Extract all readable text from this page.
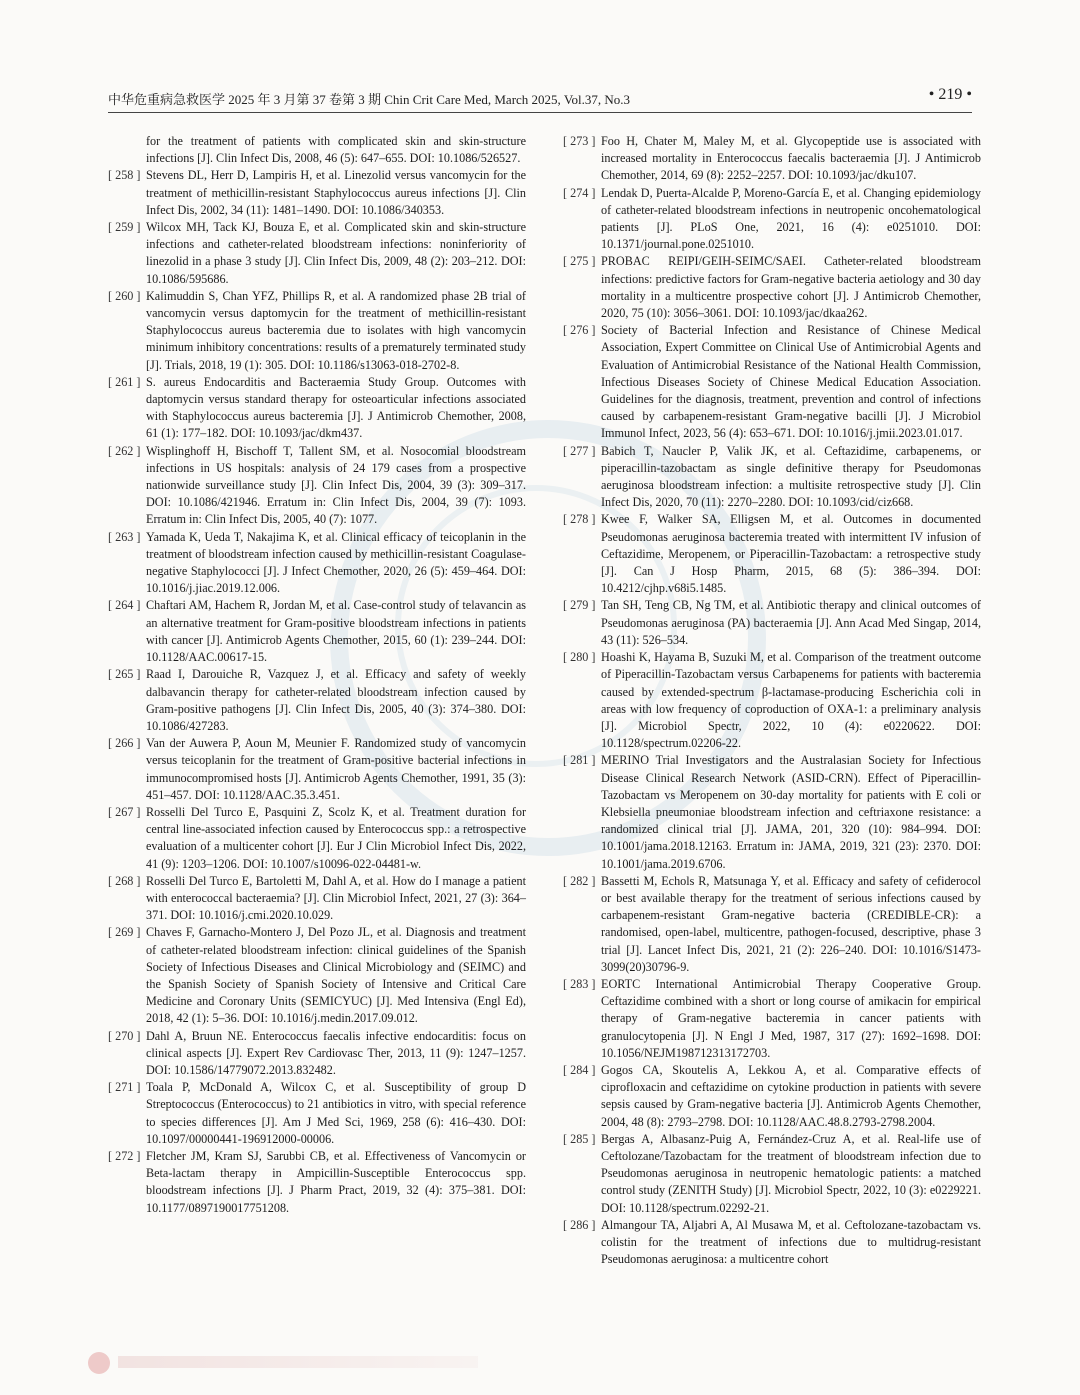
中华危重病急救医学 2025 年 3 月第 37 卷第 3 期 Chin Crit Care Med, March 2025, Vol.37, No.3	• 219 •

for the treatment of patients with complicated skin and skin-structure infections [J]. Clin Infect Dis, 2008, 46 (5): 647–655. DOI: 10.1086/526527.

[ 258 ] Stevens DL, Herr D, Lampiris H, et al. Linezolid versus vancomycin for the treatment of methicillin-resistant Staphylococcus aureus infections [J]. Clin Infect Dis, 2002, 34 (11): 1481–1490. DOI: 10.1086/340353.

[ 259 ] Wilcox MH, Tack KJ, Bouza E, et al. Complicated skin and skin-structure infections and catheter-related bloodstream infections: noninferiority of linezolid in a phase 3 study [J]. Clin Infect Dis, 2009, 48 (2): 203–212. DOI: 10.1086/595686.

[ 260 ] Kalimuddin S, Chan YFZ, Phillips R, et al. A randomized phase 2B trial of vancomycin versus daptomycin for the treatment of methicillin-resistant Staphylococcus aureus bacteremia due to isolates with high vancomycin minimum inhibitory concentrations: results of a prematurely terminated study [J]. Trials, 2018, 19 (1): 305. DOI: 10.1186/s13063-018-2702-8.

[ 261 ] S. aureus Endocarditis and Bacteraemia Study Group. Outcomes with daptomycin versus standard therapy for osteoarticular infections associated with Staphylococcus aureus bacteremia [J]. J Antimicrob Chemother, 2008, 61 (1): 177–182. DOI: 10.1093/jac/dkm437.

[ 262 ] Wisplinghoff H, Bischoff T, Tallent SM, et al. Nosocomial bloodstream infections in US hospitals: analysis of 24 179 cases from a prospective nationwide surveillance study [J]. Clin Infect Dis, 2004, 39 (3): 309–317. DOI: 10.1086/421946. Erratum in: Clin Infect Dis, 2004, 39 (7): 1093. Erratum in: Clin Infect Dis, 2005, 40 (7): 1077.

[ 263 ] Yamada K, Ueda T, Nakajima K, et al. Clinical efficacy of teicoplanin in the treatment of bloodstream infection caused by methicillin-resistant Coagulase-negative Staphylococci [J]. J Infect Chemother, 2020, 26 (5): 459–464. DOI: 10.1016/j.jiac.2019.12.006.

[ 264 ] Chaftari AM, Hachem R, Jordan M, et al. Case-control study of telavancin as an alternative treatment for Gram-positive bloodstream infections in patients with cancer [J]. Antimicrob Agents Chemother, 2015, 60 (1): 239–244. DOI: 10.1128/AAC.00617-15.

[ 265 ] Raad I, Darouiche R, Vazquez J, et al. Efficacy and safety of weekly dalbavancin therapy for catheter-related bloodstream infection caused by Gram-positive pathogens [J]. Clin Infect Dis, 2005, 40 (3): 374–380. DOI: 10.1086/427283.

[ 266 ] Van der Auwera P, Aoun M, Meunier F. Randomized study of vancomycin versus teicoplanin for the treatment of Gram-positive bacterial infections in immunocompromised hosts [J]. Antimicrob Agents Chemother, 1991, 35 (3): 451–457. DOI: 10.1128/AAC.35.3.451.

[ 267 ] Rosselli Del Turco E, Pasquini Z, Scolz K, et al. Treatment duration for central line-associated infection caused by Enterococcus spp.: a retrospective evaluation of a multicenter cohort [J]. Eur J Clin Microbiol Infect Dis, 2022, 41 (9): 1203–1206. DOI: 10.1007/s10096-022-04481-w.

[ 268 ] Rosselli Del Turco E, Bartoletti M, Dahl A, et al. How do I manage a patient with enterococcal bacteraemia? [J]. Clin Microbiol Infect, 2021, 27 (3): 364–371. DOI: 10.1016/j.cmi.2020.10.029.

[ 269 ] Chaves F, Garnacho-Montero J, Del Pozo JL, et al. Diagnosis and treatment of catheter-related bloodstream infection: clinical guidelines of the Spanish Society of Infectious Diseases and Clinical Microbiology and (SEIMC) and the Spanish Society of Spanish Society of Intensive and Critical Care Medicine and Coronary Units (SEMICYUC) [J]. Med Intensiva (Engl Ed), 2018, 42 (1): 5–36. DOI: 10.1016/j.medin.2017.09.012.

[ 270 ] Dahl A, Bruun NE. Enterococcus faecalis infective endocarditis: focus on clinical aspects [J]. Expert Rev Cardiovasc Ther, 2013, 11 (9): 1247–1257. DOI: 10.1586/14779072.2013.832482.

[ 271 ] Toala P, McDonald A, Wilcox C, et al. Susceptibility of group D Streptococcus (Enterococcus) to 21 antibiotics in vitro, with special reference to species differences [J]. Am J Med Sci, 1969, 258 (6): 416–430. DOI: 10.1097/00000441-196912000-00006.

[ 272 ] Fletcher JM, Kram SJ, Sarubbi CB, et al. Effectiveness of Vancomycin or Beta-lactam therapy in Ampicillin-Susceptible Enterococcus spp. bloodstream infections [J]. J Pharm Pract, 2019, 32 (4): 375–381. DOI: 10.1177/0897190017751208.

[ 273 ] Foo H, Chater M, Maley M, et al. Glycopeptide use is associated with increased mortality in Enterococcus faecalis bacteraemia [J]. J Antimicrob Chemother, 2014, 69 (8): 2252–2257. DOI: 10.1093/jac/dku107.

[ 274 ] Lendak D, Puerta-Alcalde P, Moreno-García E, et al. Changing epidemiology of catheter-related bloodstream infections in neutropenic oncohematological patients [J]. PLoS One, 2021, 16 (4): e0251010. DOI: 10.1371/journal.pone.0251010.

[ 275 ] PROBAC REIPI/GEIH-SEIMC/SAEI. Catheter-related bloodstream infections: predictive factors for Gram-negative bacteria aetiology and 30 day mortality in a multicentre prospective cohort [J]. J Antimicrob Chemother, 2020, 75 (10): 3056–3061. DOI: 10.1093/jac/dkaa262.

[ 276 ] Society of Bacterial Infection and Resistance of Chinese Medical Association, Expert Committee on Clinical Use of Antimicrobial Agents and Evaluation of Antimicrobial Resistance of the National Health Commission, Infectious Diseases Society of Chinese Medical Education Association. Guidelines for the diagnosis, treatment, prevention and control of infections caused by carbapenem-resistant Gram-negative bacilli [J]. J Microbiol Immunol Infect, 2023, 56 (4): 653–671. DOI: 10.1016/j.jmii.2023.01.017.

[ 277 ] Babich T, Naucler P, Valik JK, et al. Ceftazidime, carbapenems, or piperacillin-tazobactam as single definitive therapy for Pseudomonas aeruginosa bloodstream infection: a multisite retrospective study [J]. Clin Infect Dis, 2020, 70 (11): 2270–2280. DOI: 10.1093/cid/ciz668.

[ 278 ] Kwee F, Walker SA, Elligsen M, et al. Outcomes in documented Pseudomonas aeruginosa bacteremia treated with intermittent IV infusion of Ceftazidime, Meropenem, or Piperacillin-Tazobactam: a retrospective study [J]. Can J Hosp Pharm, 2015, 68 (5): 386–394. DOI: 10.4212/cjhp.v68i5.1485.

[ 279 ] Tan SH, Teng CB, Ng TM, et al. Antibiotic therapy and clinical outcomes of Pseudomonas aeruginosa (PA) bacteraemia [J]. Ann Acad Med Singap, 2014, 43 (11): 526–534.

[ 280 ] Hoashi K, Hayama B, Suzuki M, et al. Comparison of the treatment outcome of Piperacillin-Tazobactam versus Carbapenems for patients with bacteremia caused by extended-spectrum β-lactamase-producing Escherichia coli in areas with low frequency of coproduction of OXA-1: a preliminary analysis [J]. Microbiol Spectr, 2022, 10 (4): e0220622. DOI: 10.1128/spectrum.02206-22.

[ 281 ] MERINO Trial Investigators and the Australasian Society for Infectious Disease Clinical Research Network (ASID-CRN). Effect of Piperacillin-Tazobactam vs Meropenem on 30-day mortality for patients with E coli or Klebsiella pneumoniae bloodstream infection and ceftriaxone resistance: a randomized clinical trial [J]. JAMA, 201, 320 (10): 984–994. DOI: 10.1001/jama.2018.12163. Erratum in: JAMA, 2019, 321 (23): 2370. DOI: 10.1001/jama.2019.6706.

[ 282 ] Bassetti M, Echols R, Matsunaga Y, et al. Efficacy and safety of cefiderocol or best available therapy for the treatment of serious infections caused by carbapenem-resistant Gram-negative bacteria (CREDIBLE-CR): a randomised, open-label, multicentre, pathogen-focused, descriptive, phase 3 trial [J]. Lancet Infect Dis, 2021, 21 (2): 226–240. DOI: 10.1016/S1473-3099(20)30796-9.

[ 283 ] EORTC International Antimicrobial Therapy Cooperative Group. Ceftazidime combined with a short or long course of amikacin for empirical therapy of Gram-negative bacteremia in cancer patients with granulocytopenia [J]. N Engl J Med, 1987, 317 (27): 1692–1698. DOI: 10.1056/NEJM198712313172703.

[ 284 ] Gogos CA, Skoutelis A, Lekkou A, et al. Comparative effects of ciprofloxacin and ceftazidime on cytokine production in patients with severe sepsis caused by Gram-negative bacteria [J]. Antimicrob Agents Chemother, 2004, 48 (8): 2793–2798. DOI: 10.1128/AAC.48.8.2793-2798.2004.

[ 285 ] Bergas A, Albasanz-Puig A, Fernández-Cruz A, et al. Real-life use of Ceftolozane/Tazobactam for the treatment of bloodstream infection due to Pseudomonas aeruginosa in neutropenic hematologic patients: a matched control study (ZENITH Study) [J]. Microbiol Spectr, 2022, 10 (3): e0229221. DOI: 10.1128/spectrum.02292-21.

[ 286 ] Almangour TA, Aljabri A, Al Musawa M, et al. Ceftolozane-tazobactam vs. colistin for the treatment of infections due to multidrug-resistant Pseudomonas aeruginosa: a multicentre cohort
